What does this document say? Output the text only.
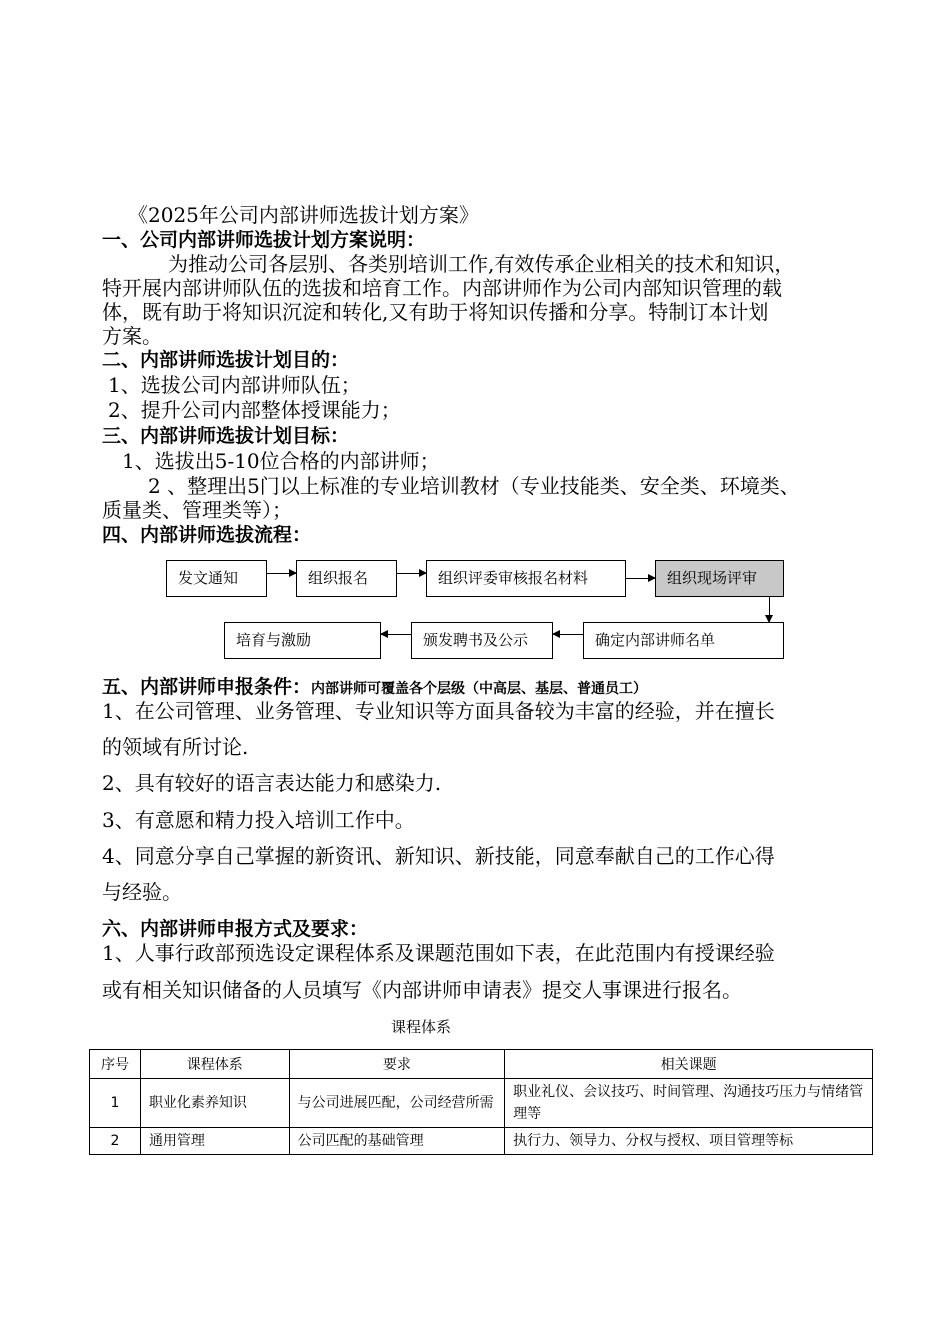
《2025年公司内部讲师选拔计划方案》
一、公司内部讲师选拔计划方案说明：
为推动公司各层别、各类别培训工作,有效传承企业相关的技术和知识，
特开展内部讲师队伍的选拔和培育工作。内部讲师作为公司内部知识管理的载
体，既有助于将知识沉淀和转化,又有助于将知识传播和分享。特制订本计划
方案。
二、内部讲师选拔计划目的：
1、选拔公司内部讲师队伍；
2、提升公司内部整体授课能力；
三、内部讲师选拔计划目标：
1、选拔出5-10位合格的内部讲师；
2 、整理出5门以上标准的专业培训教材（专业技能类、安全类、环境类、
质量类、管理类等）；
四、内部讲师选拔流程：
发文通知	组织报名	组织评委审核报名材料	组织现场评审
确定内部讲师名单
颁发聘书及公示
培育与激励
五、内部讲师申报条件：内部讲师可覆盖各个层级（中高层、基层、普通员工）
1、在公司管理、业务管理、专业知识等方面具备较为丰富的经验，并在擅长
的领域有所讨论.
2、具有较好的语言表达能力和感染力.
3、有意愿和精力投入培训工作中。
4、同意分享自己掌握的新资讯、新知识、新技能，同意奉献自己的工作心得
与经验。
六、内部讲师申报方式及要求：
1、人事行政部预选设定课程体系及课题范围如下表，在此范围内有授课经验
或有相关知识储备的人员填写《内部讲师申请表》提交人事课进行报名。
课程体系
序号	课程体系	要求	相关课题
1	职业化素养知识	与公司进展匹配，公司经营所需	职业礼仪、会议技巧、时间管理、沟通技巧压力与情绪管理等
2	通用管理	公司匹配的基础管理	执行力、领导力、分权与授权、项目管理等标
